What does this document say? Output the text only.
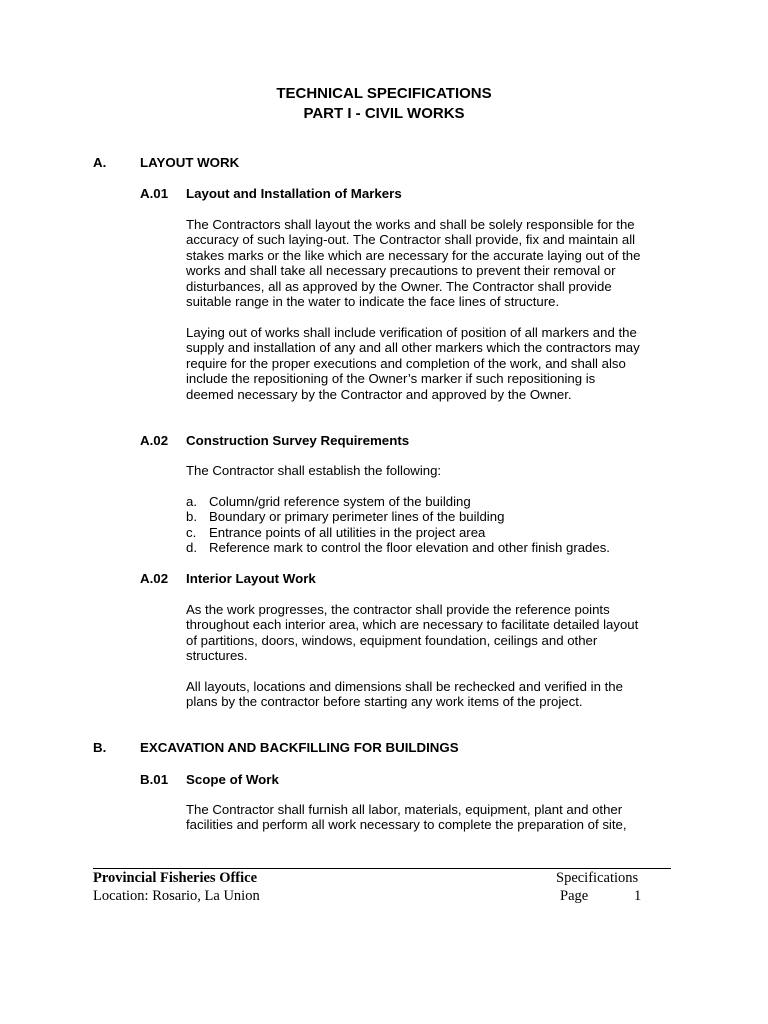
TECHNICAL SPECIFICATIONS
PART I - CIVIL WORKS
A.	LAYOUT WORK
A.01 Layout and Installation of Markers
The Contractors shall layout the works and shall be solely responsible for the
accuracy of such laying-out. The Contractor shall provide, fix and maintain all
stakes marks or the like which are necessary for the accurate laying out of the
works and shall take all necessary precautions to prevent their removal or
disturbances, all as approved by the Owner. The Contractor shall provide
suitable range in the water to indicate the face lines of structure.
Laying out of works shall include verification of position of all markers and the
supply and installation of any and all other markers which the contractors may
require for the proper executions and completion of the work, and shall also
include the repositioning of the Owner’s marker if such repositioning is
deemed necessary by the Contractor and approved by the Owner.
A.02 Construction Survey Requirements
The Contractor shall establish the following:
a. Column/grid reference system of the building
b. Boundary or primary perimeter lines of the building
c. Entrance points of all utilities in the project area
d. Reference mark to control the floor elevation and other finish grades.
A.02 Interior Layout Work
As the work progresses, the contractor shall provide the reference points
throughout each interior area, which are necessary to facilitate detailed layout
of partitions, doors, windows, equipment foundation, ceilings and other
structures.
All layouts, locations and dimensions shall be rechecked and verified in the
plans by the contractor before starting any work items of the project.
B.	EXCAVATION AND BACKFILLING FOR BUILDINGS
B.01 Scope of Work
The Contractor shall furnish all labor, materials, equipment, plant and other
facilities and perform all work necessary to complete the preparation of site,
Provincial Fisheries Office
Location: Rosario, La Union
Specifications
Page	1
